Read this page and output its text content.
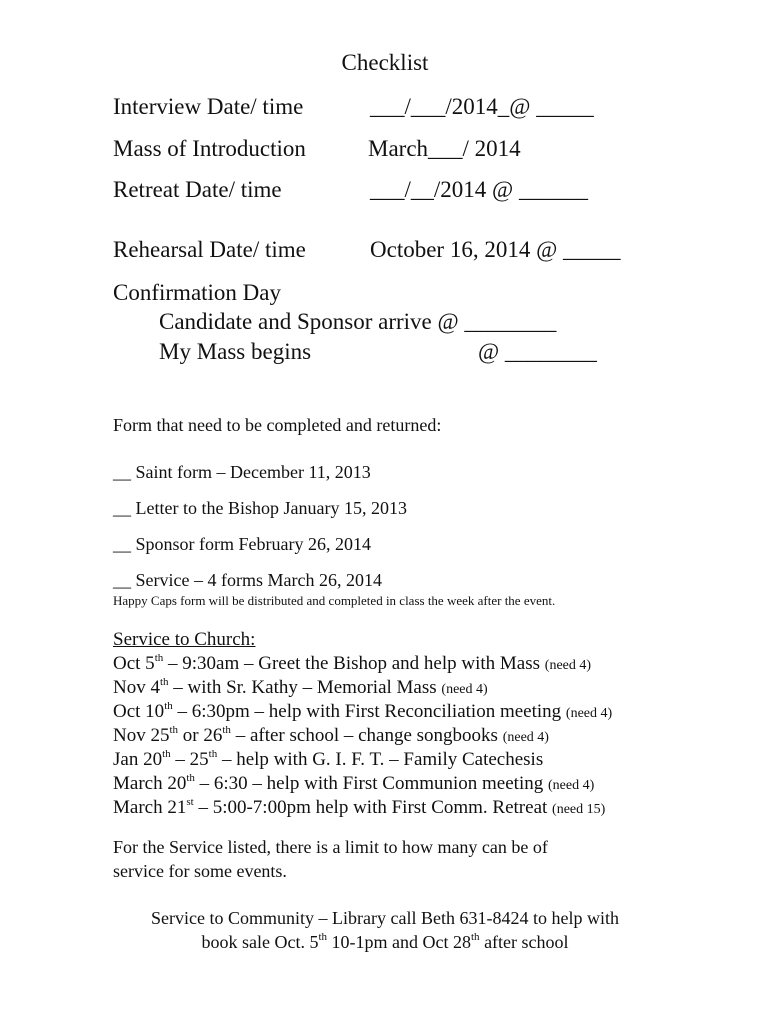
Checklist
Interview Date/ time	___/___/2014_@ _____
Mass of Introduction	March___/ 2014
Retreat Date/ time	___/__/2014 @ ______
Rehearsal Date/ time	October 16, 2014 @ _____
Confirmation Day
Candidate and Sponsor arrive @ ________
My Mass begins	@ ________
Form that need to be completed and returned:
__ Saint form – December 11, 2013
__ Letter to the Bishop January 15, 2013
__ Sponsor form February 26, 2014
__ Service – 4 forms March 26, 2014
Happy Caps form will be distributed and completed in class the week after the event.
Service to Church:
Oct 5th – 9:30am – Greet the Bishop and help with Mass (need 4)
Nov 4th – with Sr. Kathy – Memorial Mass (need 4)
Oct 10th – 6:30pm – help with First Reconciliation meeting (need 4)
Nov 25th or 26th – after school – change songbooks (need 4)
Jan 20th – 25th – help with G. I. F. T. – Family Catechesis
March 20th – 6:30 – help with First Communion meeting (need 4)
March 21st – 5:00-7:00pm help with First Comm. Retreat (need 15)
For the Service listed, there is a limit to how many can be of
service for some events.
Service to Community – Library call Beth 631-8424 to help with
book sale Oct. 5th 10-1pm and Oct 28th after school
